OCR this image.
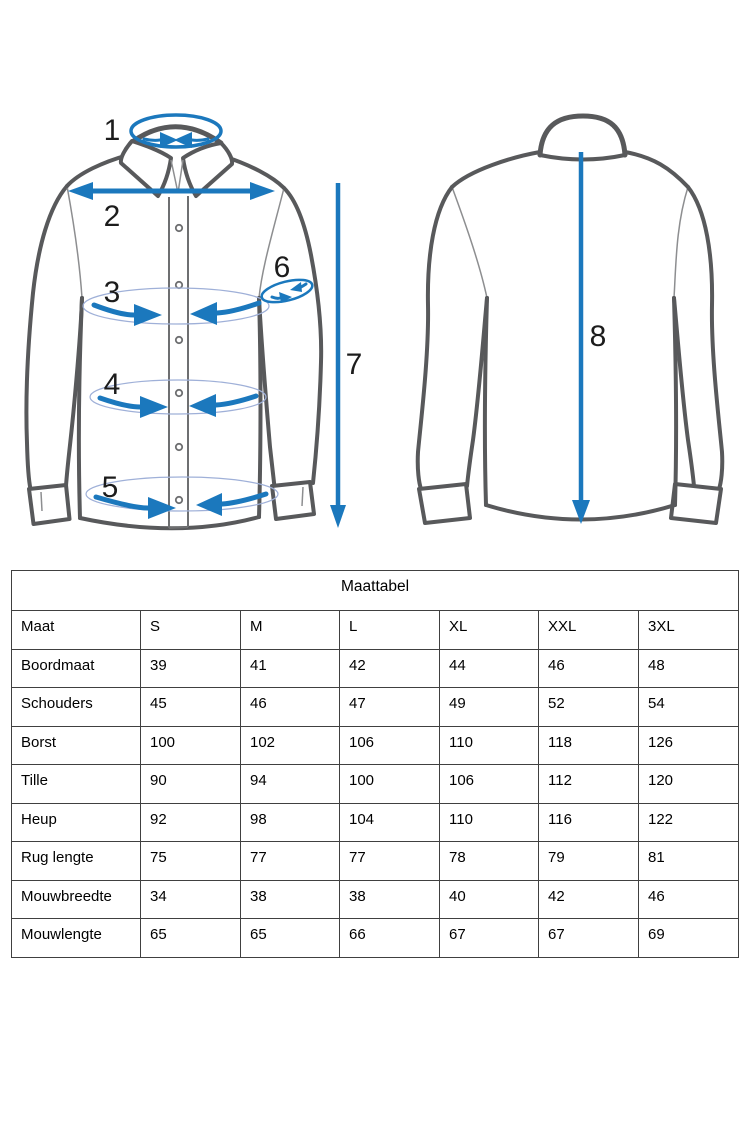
1
2
3
4
5
6
7
8
Maattabel						
Maat	S	M	L	XL	XXL	3XL
Boordmaat	39	41	42	44	46	48
Schouders	45	46	47	49	52	54
Borst	100	102	106	110	118	126
Tille	90	94	100	106	112	120
Heup	92	98	104	110	116	122
Rug lengte	75	77	77	78	79	81
Mouwbreedte	34	38	38	40	42	46
Mouwlengte	65	65	66	67	67	69
